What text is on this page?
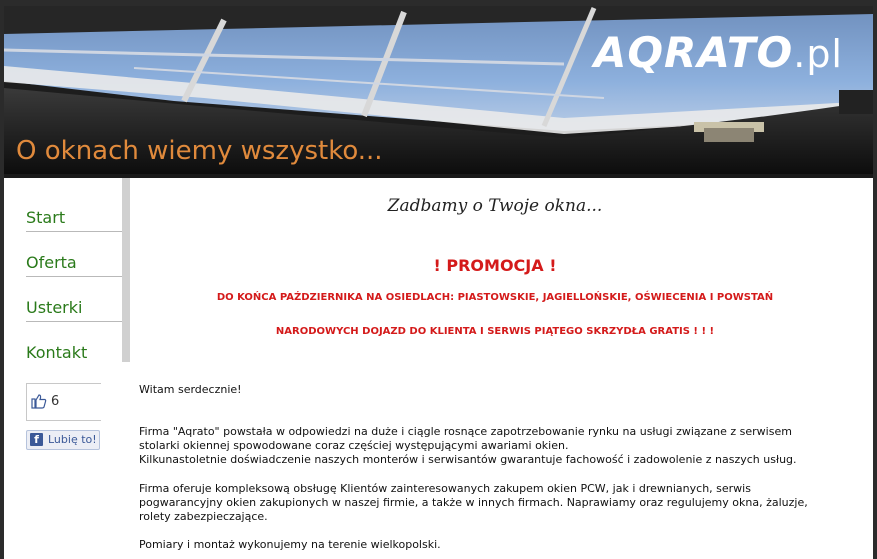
AQRATO.pl
O oknach wiemy wszystko...
Start
Oferta
Usterki
Kontakt
6
f Lubię to!
Zadbamy o Twoje okna...
! PROMOCJA !
DO KOŃCA PAŹDZIERNIKA NA OSIEDLACH: PIASTOWSKIE, JAGIELLOŃSKIE, OŚWIECENIA I POWSTAŃ
NARODOWYCH DOJAZD DO KLIENTA I SERWIS PIĄTEGO SKRZYDŁA GRATIS ! ! !
Witam serdecznie!
Firma "Aqrato" powstała w odpowiedzi na duże i ciągle rosnące zapotrzebowanie rynku na usługi związane z serwisem
stolarki okiennej spowodowane coraz częściej występującymi awariami okien.
Kilkunastoletnie doświadczenie naszych monterów i serwisantów gwarantuje fachowość i zadowolenie z naszych usług.
Firma oferuje kompleksową obsługę Klientów zainteresowanych zakupem okien PCW, jak i drewnianych, serwis
pogwarancyjny okien zakupionych w naszej firmie, a także w innych firmach. Naprawiamy oraz regulujemy okna, żaluzje,
rolety zabezpieczające.
Pomiary i montaż wykonujemy na terenie wielkopolski.
